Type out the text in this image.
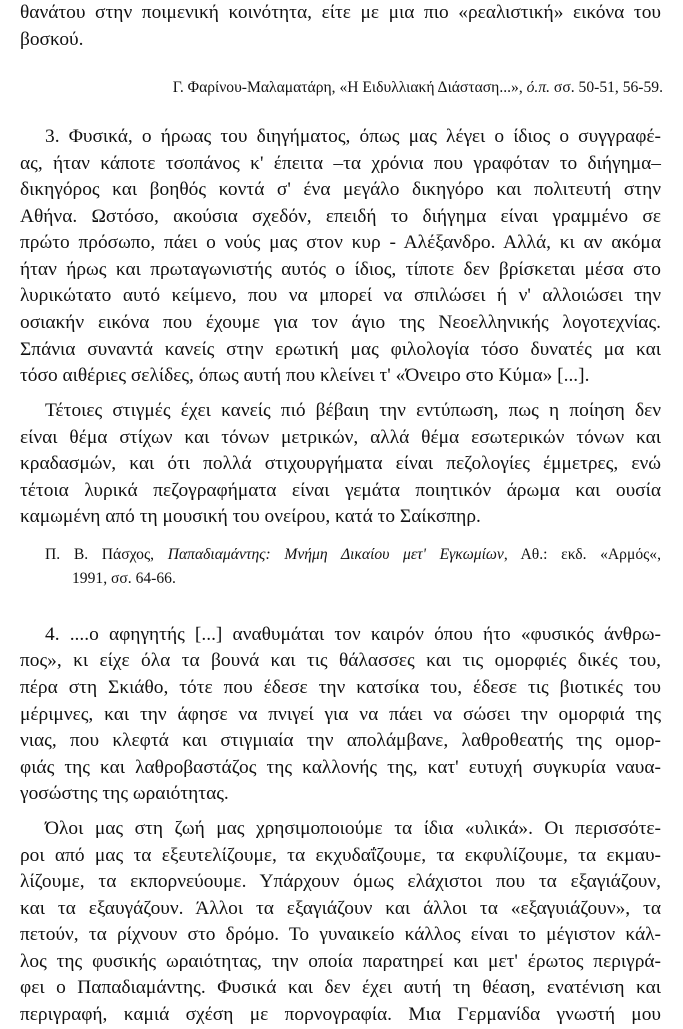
θανάτου στην ποιμενική κοινότητα, είτε με μια πιο «ρεαλιστική» εικόνα του
βοσκού.
Γ. Φαρίνου-Μαλαματάρη, «Η Ειδυλλιακή Διάσταση...», ό.π. σσ. 50-51, 56-59.
3. Φυσικά, ο ήρωας του διηγήματος, όπως μας λέγει ο ίδιος ο συγγραφέ-
ας, ήταν κάποτε τσοπάνος κ' έπειτα –τα χρόνια που γραφόταν το διήγημα–
δικηγόρος και βοηθός κοντά σ' ένα μεγάλο δικηγόρο και πολιτευτή στην
Αθήνα. Ωστόσο, ακούσια σχεδόν, επειδή το διήγημα είναι γραμμένο σε
πρώτο πρόσωπο, πάει ο νούς μας στον κυρ - Αλέξανδρο. Αλλά, κι αν ακόμα
ήταν ήρως και πρωταγωνιστής αυτός ο ίδιος, τίποτε δεν βρίσκεται μέσα στο
λυρικώτατο αυτό κείμενο, που να μπορεί να σπιλώσει ή ν' αλλοιώσει την
οσιακήν εικόνα που έχουμε για τον άγιο της Νεοελληνικής λογοτεχνίας.
Σπάνια συναντά κανείς στην ερωτική μας φιλολογία τόσο δυνατές μα και
τόσο αιθέριες σελίδες, όπως αυτή που κλείνει τ' «Όνειρο στο Κύμα» [...].
Τέτοιες στιγμές έχει κανείς πιό βέβαιη την εντύπωση, πως η ποίηση δεν
είναι θέμα στίχων και τόνων μετρικών, αλλά θέμα εσωτερικών τόνων και
κραδασμών, και ότι πολλά στιχουργήματα είναι πεζολογίες έμμετρες, ενώ
τέτοια λυρικά πεζογραφήματα είναι γεμάτα ποιητικόν άρωμα και ουσία
καμωμένη από τη μουσική του ονείρου, κατά το Σαίκσπηρ.
Π. Β. Πάσχος, Παπαδιαμάντης: Μνήμη Δικαίου μετ' Εγκωμίων, Αθ.: εκδ. «Αρμός«,
1991, σσ. 64-66.
4. ....ο αφηγητής [...] αναθυμάται τον καιρόν όπου ήτο «φυσικός άνθρω-
πος», κι είχε όλα τα βουνά και τις θάλασσες και τις ομορφιές δικές του,
πέρα στη Σκιάθο, τότε που έδεσε την κατσίκα του, έδεσε τις βιοτικές του
μέριμνες, και την άφησε να πνιγεί για να πάει να σώσει την ομορφιά της
νιας, που κλεφτά και στιγμιαία την απολάμβανε, λαθροθεατής της ομορ-
φιάς της και λαθροβαστάζος της καλλονής της, κατ' ευτυχή συγκυρία ναυα-
γοσώστης της ωραιότητας.
Όλοι μας στη ζωή μας χρησιμοποιούμε τα ίδια «υλικά». Οι περισσότε-
ροι από μας τα εξευτελίζουμε, τα εκχυδαΐζουμε, τα εκφυλίζουμε, τα εκμαυ-
λίζουμε, τα εκπορνεύουμε. Υπάρχουν όμως ελάχιστοι που τα εξαγιάζουν,
και τα εξαυγάζουν. Άλλοι τα εξαγιάζουν και άλλοι τα «εξαγυιάζουν», τα
πετούν, τα ρίχνουν στο δρόμο. Το γυναικείο κάλλος είναι το μέγιστον κάλ-
λος της φυσικής ωραιότητας, την οποία παρατηρεί και μετ' έρωτος περιγρά-
φει ο Παπαδιαμάντης. Φυσικά και δεν έχει αυτή τη θέαση, ενατένιση και
περιγραφή, καμιά σχέση με πορνογραφία. Μια Γερμανίδα γνωστή μου
